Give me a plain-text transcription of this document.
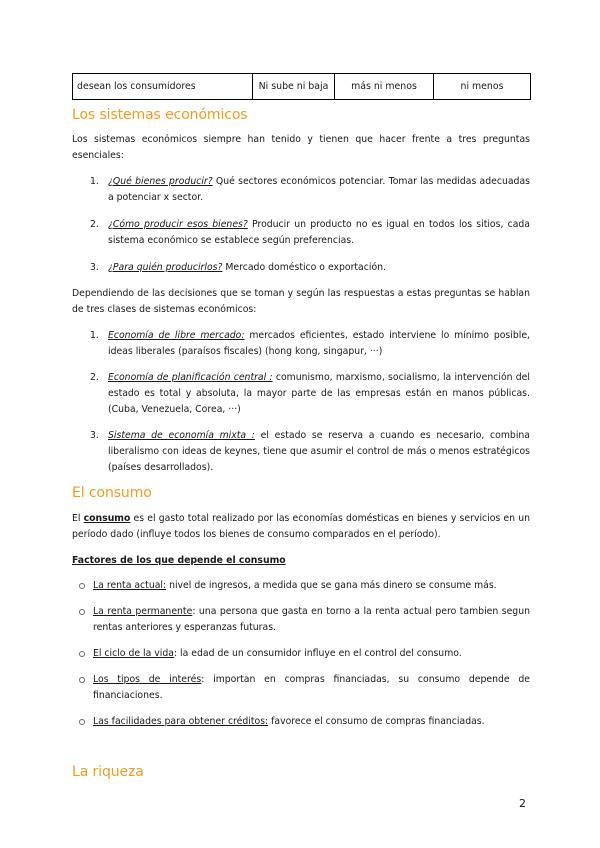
desean los consumidores	Ni sube ni baja	más ni menos	ni menos
Los sistemas económicos

Los sistemas económicos siempre han tenido y tienen que hacer frente a tres preguntas esenciales:

1. ¿Qué bienes producir? Qué sectores económicos potenciar. Tomar las medidas adecuadas a potenciar x sector.
2. ¿Cómo producir esos bienes? Producir un producto no es igual en todos los sitios, cada sistema económico se establece según preferencias.
3. ¿Para quién producirlos? Mercado doméstico o exportación.

Dependiendo de las decisiones que se toman y según las respuestas a estas preguntas se hablan de tres clases de sistemas económicos:

1. Economía de libre mercado: mercados eficientes, estado interviene lo mínimo posible, ideas liberales (paraísos fiscales) (hong kong, singapur, ···)
2. Economía de planificación central : comunismo, marxismo, socialismo, la intervención del estado es total y absoluta, la mayor parte de las empresas están en manos públicas. (Cuba, Venezuela, Corea, ···)
3. Sistema de economía mixta : el estado se reserva a cuando es necesario, combina liberalismo con ideas de keynes, tiene que asumir el control de más o menos estratégicos (países desarrollados).
El consumo

El consumo es el gasto total realizado por las economías domésticas en bienes y servicios en un período dado (influye todos los bienes de consumo comparados en el período).

Factores de los que depende el consumo

La renta actual: nivel de ingresos, a medida que se gana más dinero se consume más.
La renta permanente: una persona que gasta en torno a la renta actual pero tambien segun rentas anteriores y esperanzas futuras.
El ciclo de la vida: la edad de un consumidor influye en el control del consumo.
Los tipos de interés: importan en compras financiadas, su consumo depende de financiaciones.
Las facilidades para obtener créditos: favorece el consumo de compras financiadas.
La riqueza
2
